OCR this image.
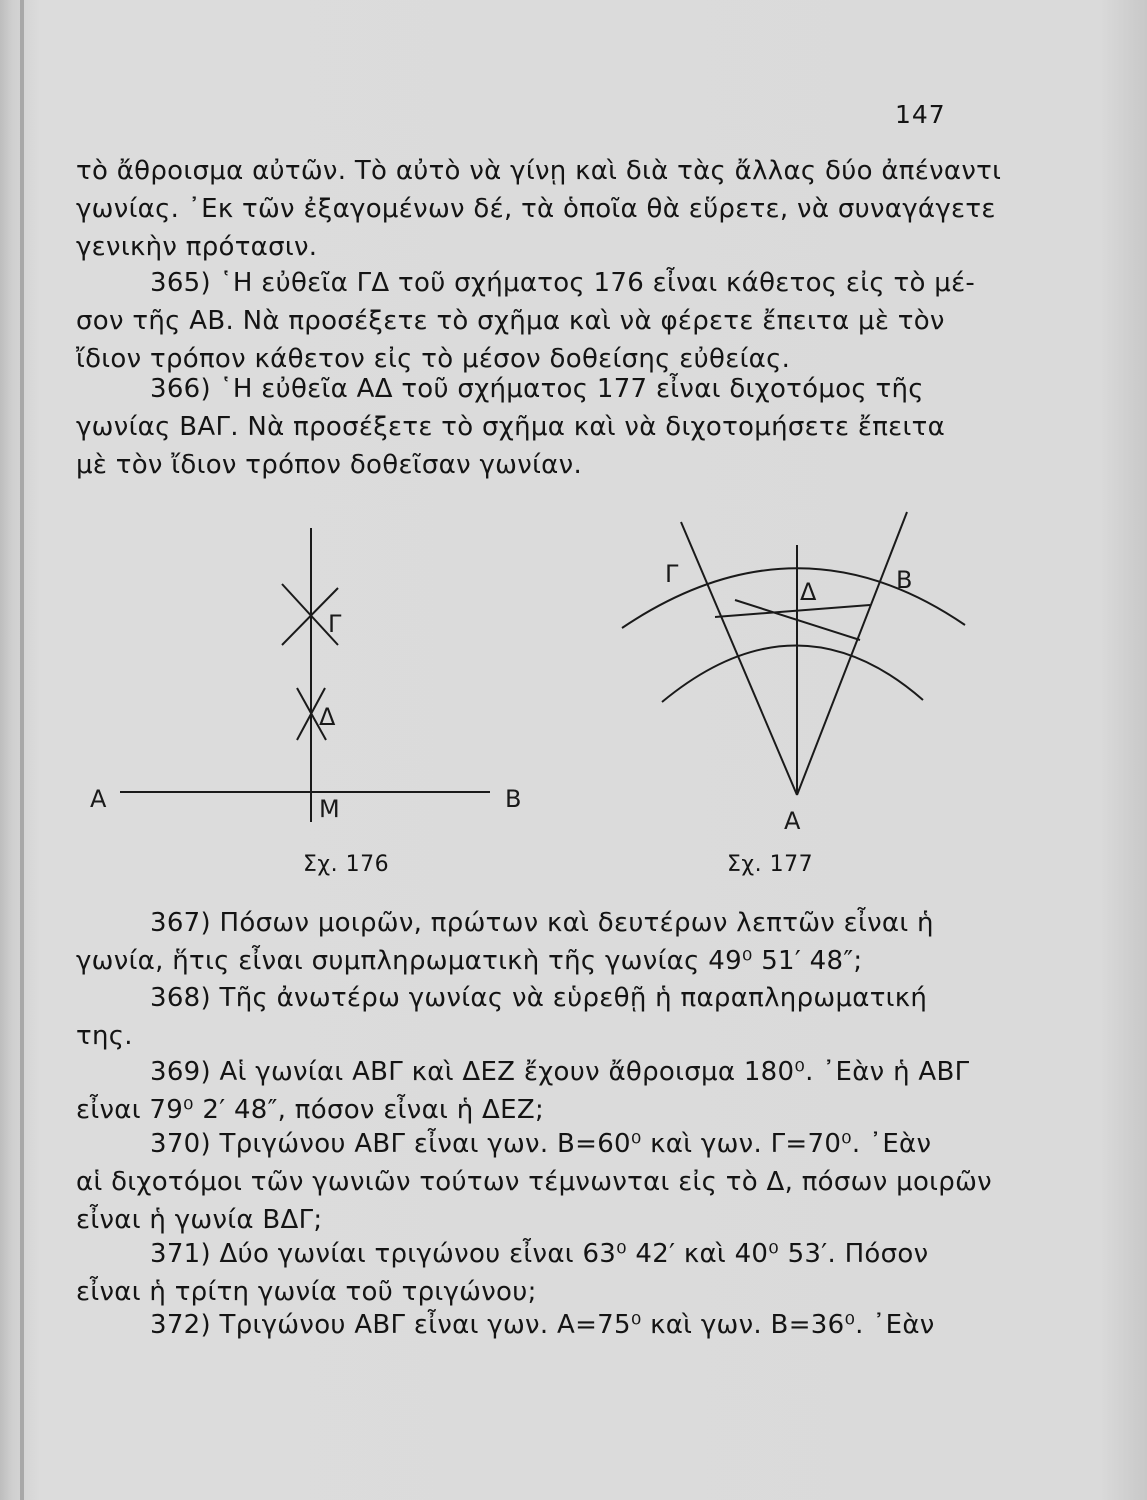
147
τὸ ἄθροισμα αὐτῶν. Τὸ αὐτὸ νὰ γίνῃ καὶ διὰ τὰς ἄλλας δύο ἀπέναντι
γωνίας. ᾿Εκ τῶν ἐξαγομένων δέ, τὰ ὁποῖα θὰ εὕρετε, νὰ συναγάγετε
γενικὴν πρότασιν.
365) ῾Η εὐθεῖα ΓΔ τοῦ σχήματος 176 εἶναι κάθετος εἰς τὸ μέ-
σον τῆς ΑΒ. Νὰ προσέξετε τὸ σχῆμα καὶ νὰ φέρετε ἔπειτα μὲ τὸν
ἴδιον τρόπον κάθετον εἰς τὸ μέσον δοθείσης εὐθείας.
366) ῾Η εὐθεῖα ΑΔ τοῦ σχήματος 177 εἶναι διχοτόμος τῆς
γωνίας ΒΑΓ. Νὰ προσέξετε τὸ σχῆμα καὶ νὰ διχοτομήσετε ἔπειτα
μὲ τὸν ἴδιον τρόπον δοθεῖσαν γωνίαν.
Α	Β
Μ
Γ
Δ
Γ
Δ	Β
Α
Σχ. 176	Σχ. 177
367) Πόσων μοιρῶν, πρώτων καὶ δευτέρων λεπτῶν εἶναι ἡ
γωνία, ἥτις εἶναι συμπληρωματικὴ τῆς γωνίας 49⁰ 51′ 48″;
368) Τῆς ἀνωτέρω γωνίας νὰ εὑρεθῇ ἡ παραπληρωματική
της.
369) Αἱ γωνίαι ΑΒΓ καὶ ΔΕΖ ἔχουν ἄθροισμα 180⁰. ᾿Εὰν ἡ ΑΒΓ
εἶναι 79⁰ 2′ 48″, πόσον εἶναι ἡ ΔΕΖ;
370) Τριγώνου ΑΒΓ εἶναι γων. Β=60⁰ καὶ γων. Γ=70⁰. ᾿Εὰν
αἱ διχοτόμοι τῶν γωνιῶν τούτων τέμνωνται εἰς τὸ Δ, πόσων μοιρῶν
εἶναι ἡ γωνία ΒΔΓ;
371) Δύο γωνίαι τριγώνου εἶναι 63⁰ 42′ καὶ 40⁰ 53′. Πόσον
εἶναι ἡ τρίτη γωνία τοῦ τριγώνου;
372) Τριγώνου ΑΒΓ εἶναι γων. Α=75⁰ καὶ γων. Β=36⁰. ᾿Εὰν
